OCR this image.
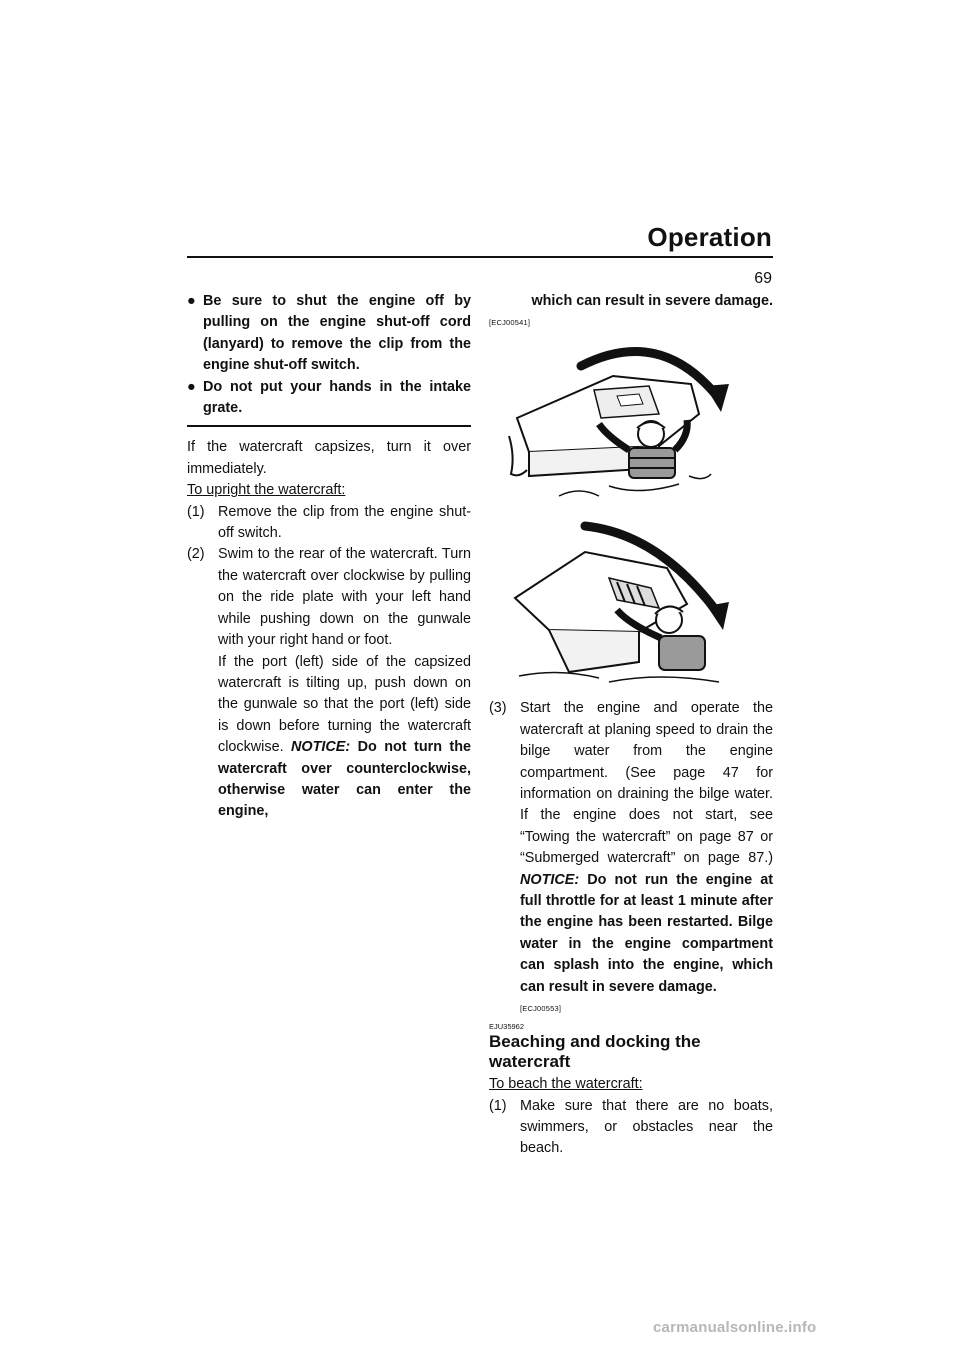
Operation
69

● Be sure to shut the engine off by pulling on the engine shut-off cord (lanyard) to remove the clip from the engine shut-off switch.

● Do not put your hands in the intake grate.

If the watercraft capsizes, turn it over immediately.

To upright the watercraft:

(1) Remove the clip from the engine shut-off switch.

(2) Swim to the rear of the watercraft. Turn the watercraft over clockwise by pulling on the ride plate with your left hand while pushing down on the gunwale with your right hand or foot.

If the port (left) side of the capsized watercraft is tilting up, push down on the gunwale so that the port (left) side is down before turning the watercraft clockwise. NOTICE: Do not turn the watercraft over counterclockwise, otherwise water can enter the engine,

which can result in severe damage.

[ECJ00541]

(3) Start the engine and operate the watercraft at planing speed to drain the bilge water from the engine compartment. (See page 47 for information on draining the bilge water. If the engine does not start, see “Towing the watercraft” on page 87 or “Submerged watercraft” on page 87.) NOTICE: Do not run the engine at full throttle for at least 1 minute after the engine has been restarted. Bilge water in the engine compartment can splash into the engine, which can result in severe damage.

[ECJ00553]

EJU35962

Beaching and docking the watercraft

To beach the watercraft:

(1) Make sure that there are no boats, swimmers, or obstacles near the beach.

carmanualsonline.info
